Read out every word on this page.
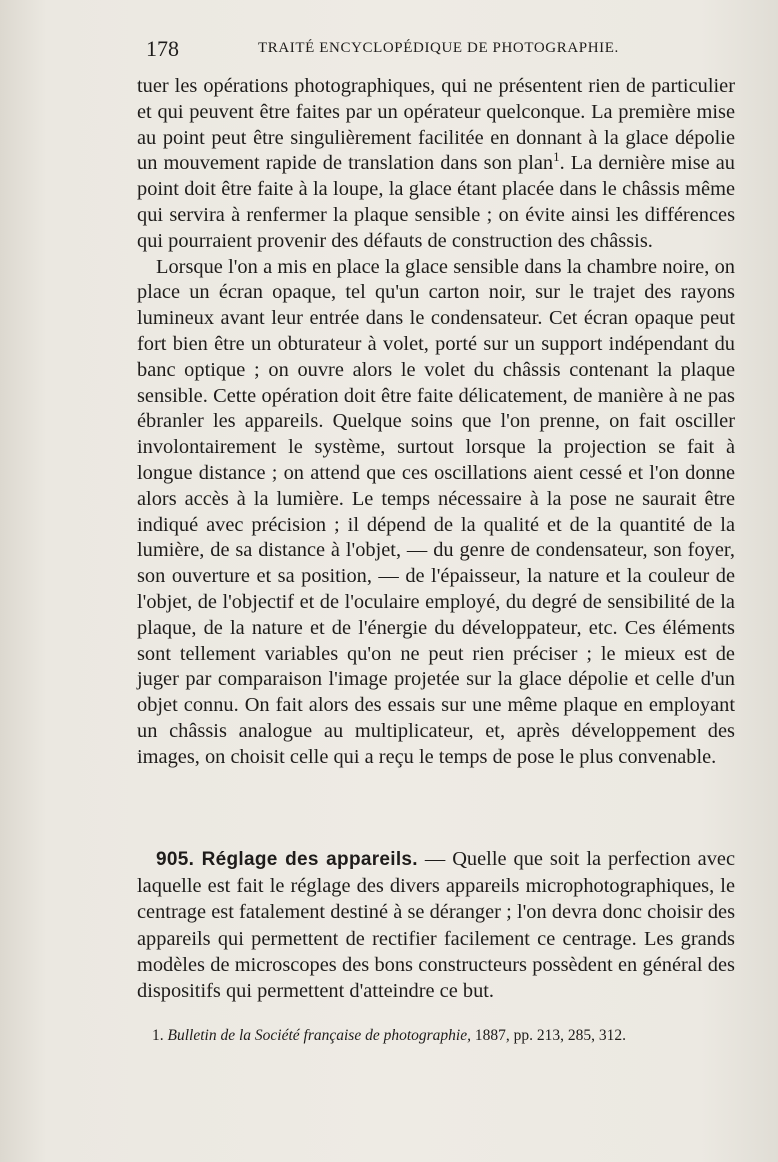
178	TRAITÉ ENCYCLOPÉDIQUE DE PHOTOGRAPHIE.

tuer les opérations photographiques, qui ne présentent rien de particulier et qui peuvent être faites par un opérateur quelconque. La première mise au point peut être singulièrement facilitée en donnant à la glace dépolie un mouvement rapide de translation dans son plan$^1$. La dernière mise au point doit être faite à la loupe, la glace étant placée dans le châssis même qui servira à renfermer la plaque sensible ; on évite ainsi les différences qui pourraient provenir des défauts de construction des châssis.

Lorsque l'on a mis en place la glace sensible dans la chambre noire, on place un écran opaque, tel qu'un carton noir, sur le trajet des rayons lumineux avant leur entrée dans le condensateur. Cet écran opaque peut fort bien être un obturateur à volet, porté sur un support indépendant du banc optique ; on ouvre alors le volet du châssis contenant la plaque sensible. Cette opération doit être faite délicatement, de manière à ne pas ébranler les appareils. Quelque soins que l'on prenne, on fait osciller involontairement le système, surtout lorsque la projection se fait à longue distance ; on attend que ces oscillations aient cessé et l'on donne alors accès à la lumière. Le temps nécessaire à la pose ne saurait être indiqué avec précision ; il dépend de la qualité et de la quantité de la lumière, de sa distance à l'objet, — du genre de condensateur, son foyer, son ouverture et sa position, — de l'épaisseur, la nature et la couleur de l'objet, de l'objectif et de l'oculaire employé, du degré de sensibilité de la plaque, de la nature et de l'énergie du développateur, etc. Ces éléments sont tellement variables qu'on ne peut rien préciser ; le mieux est de juger par comparaison l'image projetée sur la glace dépolie et celle d'un objet connu. On fait alors des essais sur une même plaque en employant un châssis analogue au multiplicateur, et, après développement des images, on choisit celle qui a reçu le temps de pose le plus convenable.

905. Réglage des appareils. — Quelle que soit la perfection avec laquelle est fait le réglage des divers appareils microphotographiques, le centrage est fatalement destiné à se déranger ; l'on devra donc choisir des appareils qui permettent de rectifier facilement ce centrage. Les grands modèles de microscopes des bons constructeurs possèdent en général des dispositifs qui permettent d'atteindre ce but.
1. Bulletin de la Société française de photographie, 1887, pp. 213, 285, 312.
